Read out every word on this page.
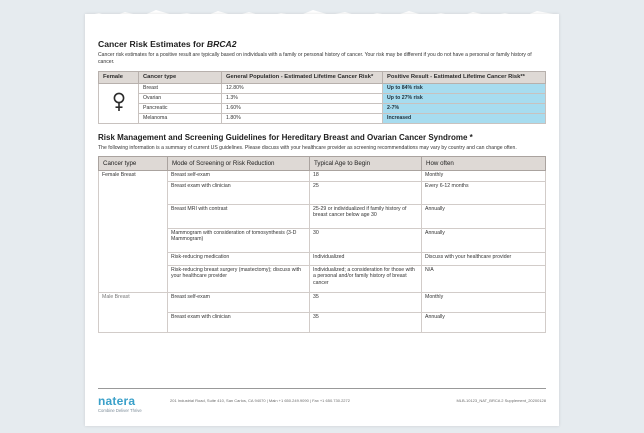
Cancer Risk Estimates for BRCA2

Cancer risk estimates for a positive result are typically based on individuals with a family or personal history of cancer. Your risk may be different if you do not have a personal or family history of cancer.

Female	Cancer type	General Population - Estimated Lifetime Cancer Risk*	Positive Result - Estimated Lifetime Cancer Risk**
	Breast	12.80%	Up to 84% risk
	Ovarian	1.3%	Up to 27% risk
	Pancreatic	1.60%	2-7%
	Melanoma	1.80%	Increased
Risk Management and Screening Guidelines for Hereditary Breast and Ovarian Cancer Syndrome *

The following information is a summary of current US guidelines. Please discuss with your healthcare provider as screening recommendations may vary by country and can change often.

Cancer type	Mode of Screening or Risk Reduction	Typical Age to Begin	How often
Female Breast	Breast self-exam	18	Monthly
	Breast exam with clinician	25	Every 6-12 months
	Breast MRI with contrast	25-29 or individualized if family history of breast cancer below age 30	Annually
	Mammogram with consideration of tomosynthesis (3-D Mammogram)	30	Annually
	Risk-reducing medication	Individualized	Discuss with your healthcare provider
	Risk-reducing breast surgery (mastectomy); discuss with your healthcare provider	Individualized; a consideration for those with a personal and/or family history of breast cancer	N/A
Male Breast	Breast self-exam	35	Monthly
	Breast exam with clinician	35	Annually
natera
Combine Deliver Thrive
201 Industrial Road, Suite 410, San Carlos, CA 94070 | Main +1 650.249.9090 | Fax +1 650.730.2272	MLB-10123_NAT_BRCA 2 Supplement_20200128
